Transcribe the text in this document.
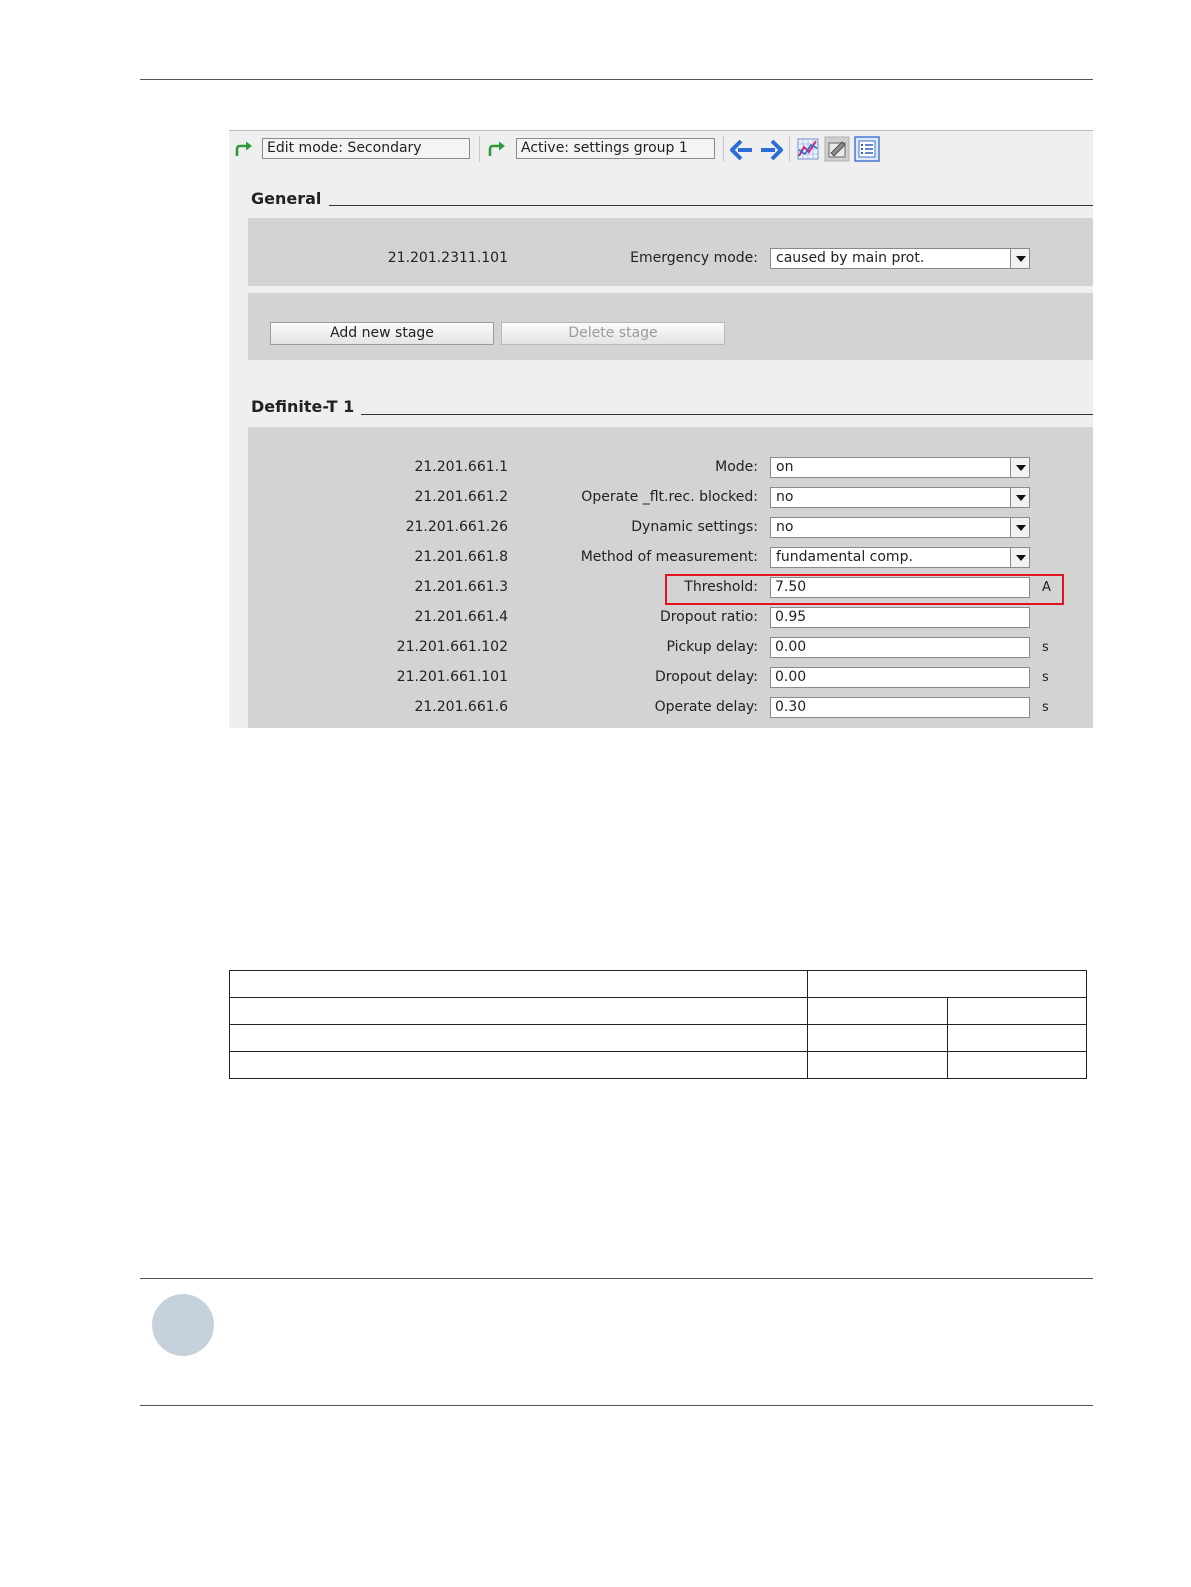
Edit mode: Secondary	Active: settings group 1
General
21.201.2311.101	Emergency mode:	caused by main prot.
Add new stage	Delete stage
Definite-T 1
21.201.661.1	Mode:	on
21.201.661.2	Operate _flt.rec. blocked:	no
21.201.661.26	Dynamic settings:	no
21.201.661.8	Method of measurement:	fundamental comp.
21.201.661.3	Threshold:	7.50	A
21.201.661.4	Dropout ratio:	0.95
21.201.661.102	Pickup delay:	0.00	s
21.201.661.101	Dropout delay:	0.00	s
21.201.661.6	Operate delay:	0.30	s
